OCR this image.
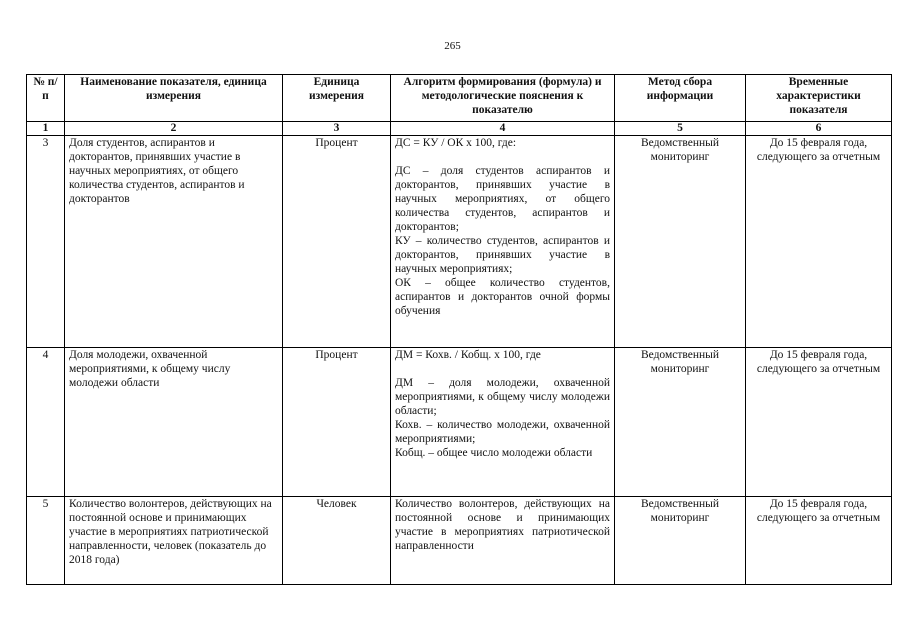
265
№ п/п	Наименование показателя, единица измерения	Единица измерения	Алгоритм формирования (формула) и методологические пояснения к показателю	Метод сбора информации	Временные характеристики показателя
1	2	3	4	5	6
3	Доля студентов, аспирантов и докторантов, принявших участие в научных мероприятиях, от общего количества студентов, аспирантов и докторантов	Процент	ДС = КУ / ОК х 100, где:

ДС – доля студентов аспирантов и докторантов, принявших участие в научных мероприятиях, от общего количества студентов, аспирантов и докторантов;

КУ – количество студентов, аспирантов и докторантов, принявших участие в научных мероприятиях;

ОК – общее количество студентов, аспирантов и докторантов очной формы обучения	Ведомственный мониторинг	До 15 февраля года, следующего за отчетным
4	Доля молодежи, охваченной мероприятиями, к общему числу молодежи области	Процент	ДМ = Кохв. / Кобщ. х 100, где

ДМ – доля молодежи, охваченной мероприятиями, к общему числу молодежи области;

Кохв. – количество молодежи, охваченной мероприятиями;

Кобщ. – общее число молодежи области	Ведомственный мониторинг	До 15 февраля года, следующего за отчетным
5	Количество волонтеров, действующих на постоянной основе и принимающих участие в мероприятиях патриотической направленности, человек (показатель до 2018 года)	Человек	Количество волонтеров, действующих на постоянной основе и принимающих участие в мероприятиях патриотической направленности	Ведомственный мониторинг	До 15 февраля года, следующего за отчетным
